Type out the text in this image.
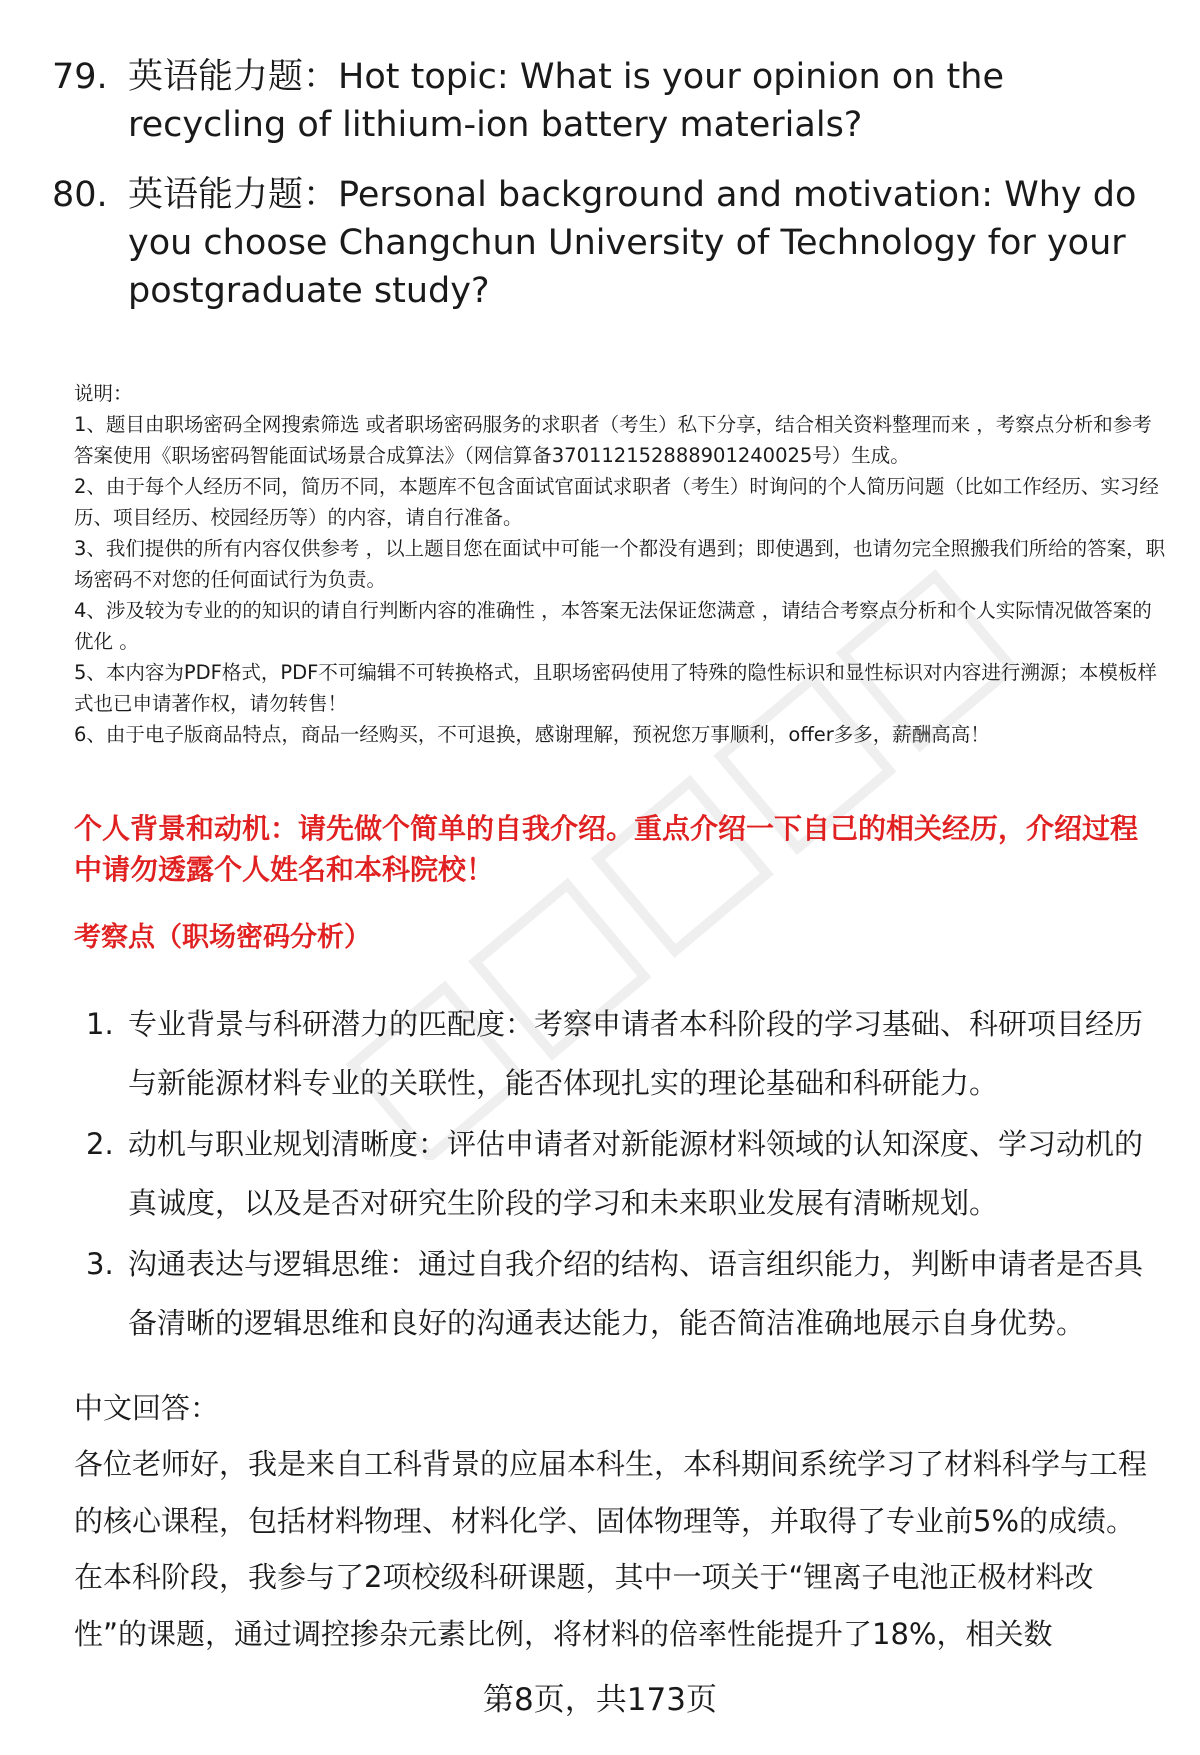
79. 英语能力题：Hot topic: What is your opinion on the recycling of lithium-ion battery materials?
80. 英语能力题：Personal background and motivation: Why do you choose Changchun University of Technology for your postgraduate study?

说明：

1、题目由职场密码全网搜索筛选 或者职场密码服务的求职者（考生）私下分享，结合相关资料整理而来 ，考察点分析和参考答案使用《职场密码智能面试场景合成算法》（网信算备370112152888901240025号）生成。

2、由于每个人经历不同，简历不同，本题库不包含面试官面试求职者（考生）时询问的个人简历问题（比如工作经历、实习经历、项目经历、校园经历等）的内容，请自行准备。

3、我们提供的所有内容仅供参考 ，以上题目您在面试中可能一个都没有遇到；即使遇到，也请勿完全照搬我们所给的答案，职场密码不对您的任何面试行为负责。

4、涉及较为专业的的知识的请自行判断内容的准确性 ，本答案无法保证您满意 ，请结合考察点分析和个人实际情况做答案的优化 。

5、本内容为PDF格式，PDF不可编辑不可转换格式，且职场密码使用了特殊的隐性标识和显性标识对内容进行溯源；本模板样式也已申请著作权，请勿转售！

6、由于电子版商品特点，商品一经购买，不可退换，感谢理解，预祝您万事顺利，offer多多，薪酬高高！

个人背景和动机：请先做个简单的自我介绍。重点介绍一下自己的相关经历，介绍过程中请勿透露个人姓名和本科院校！
考察点（职场密码分析）
1. 专业背景与科研潜力的匹配度：考察申请者本科阶段的学习基础、科研项目经历与新能源材料专业的关联性，能否体现扎实的理论基础和科研能力。
2. 动机与职业规划清晰度：评估申请者对新能源材料领域的认知深度、学习动机的真诚度，以及是否对研究生阶段的学习和未来职业发展有清晰规划。
3. 沟通表达与逻辑思维：通过自我介绍的结构、语言组织能力，判断申请者是否具备清晰的逻辑思维和良好的沟通表达能力，能否简洁准确地展示自身优势。
中文回答：

各位老师好，我是来自工科背景的应届本科生，本科期间系统学习了材料科学与工程的核心课程，包括材料物理、材料化学、固体物理等，并取得了专业前5%的成绩。在本科阶段，我参与了2项校级科研课题，其中一项关于“锂离子电池正极材料改性”的课题，通过调控掺杂元素比例，将材料的倍率性能提升了18%，相关数

第8页，共173页
